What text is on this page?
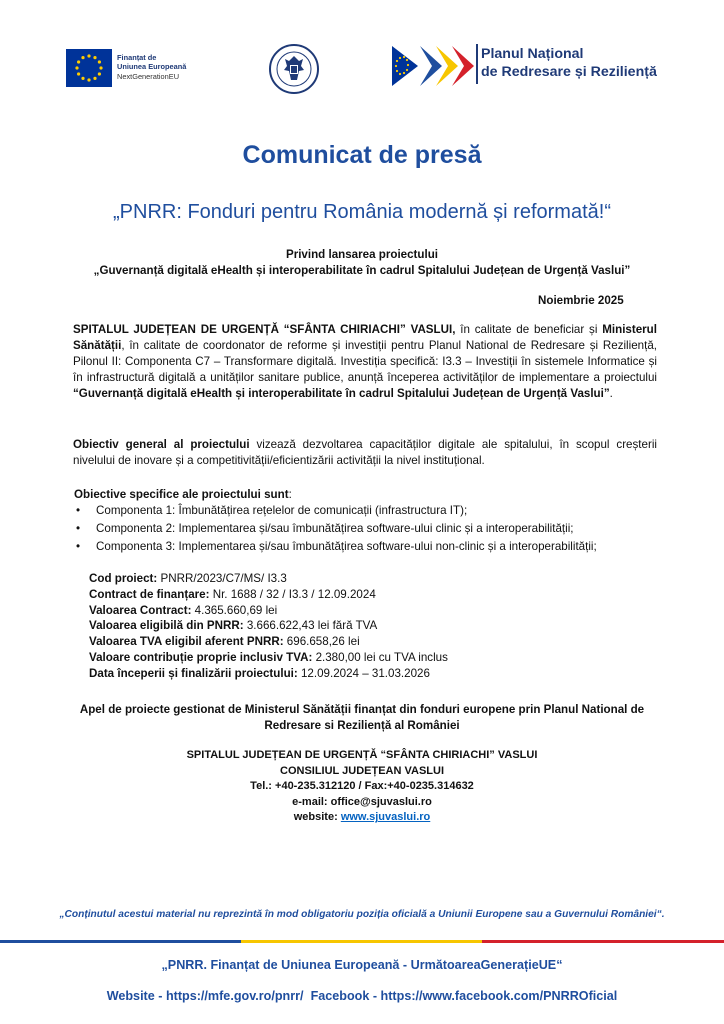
Finanțat de
Uniunea Europeană
NextGenerationEU
Planul Național
de Redresare și Reziliență
Comunicat de presă
„PNRR: Fonduri pentru România modernă și reformată!“
Privind lansarea proiectului
„Guvernanță digitală eHealth și interoperabilitate în cadrul Spitalului Județean de Urgență Vaslui”
Noiembrie 2025
SPITALUL JUDEȚEAN DE URGENȚĂ “SFÂNTA CHIRIACHI” VASLUI, în calitate de beneficiar și Ministerul Sănătății, în calitate de coordonator de reforme și investiții pentru Planul National de Redresare și Reziliență, Pilonul II: Componenta C7 – Transformare digitală. Investiția specifică: I3.3 – Investiții în sistemele Informatice și în infrastructură digitală a unităților sanitare publice, anunță începerea activităților de implementare a proiectului “Guvernanță digitală eHealth și interoperabilitate în cadrul Spitalului Județean de Urgență Vaslui”.
Obiectiv general al proiectului vizează dezvoltarea capacităților digitale ale spitalului, în scopul creșterii nivelului de inovare și a competitivității/eficientizării activității la nivel instituțional.
Obiective specifice ale proiectului sunt:
• Componenta 1: Îmbunătățirea rețelelor de comunicații (infrastructura IT);
• Componenta 2: Implementarea și/sau îmbunătățirea software-ului clinic și a interoperabilității;
• Componenta 3: Implementarea și/sau îmbunătățirea software-ului non-clinic și a interoperabilității;
Cod proiect: PNRR/2023/C7/MS/ I3.3
Contract de finanțare: Nr. 1688 / 32 / I3.3 / 12.09.2024
Valoarea Contract: 4.365.660,69 lei
Valoarea eligibilă din PNRR: 3.666.622,43 lei fără TVA
Valoarea TVA eligibil aferent PNRR: 696.658,26 lei
Valoare contribuție proprie inclusiv TVA: 2.380,00 lei cu TVA inclus
Data începerii și finalizării proiectului: 12.09.2024 – 31.03.2026
Apel de proiecte gestionat de Ministerul Sănătății finanțat din fonduri europene prin Planul National de
Redresare si Reziliență al României
SPITALUL JUDEȚEAN DE URGENȚĂ “SFÂNTA CHIRIACHI” VASLUI
CONSILIUL JUDEȚEAN VASLUI
Tel.: +40-235.312120 / Fax:+40-0235.314632
e-mail: office@sjuvaslui.ro
website: www.sjuvaslui.ro
„Conținutul acestui material nu reprezintă în mod obligatoriu poziția oficială a Uniunii Europene sau a Guvernului României“.
„PNRR. Finanțat de Uniunea Europeană - UrmătoareaGenerațieUE“
Website - https://mfe.gov.ro/pnrr/ Facebook - https://www.facebook.com/PNRROficial
